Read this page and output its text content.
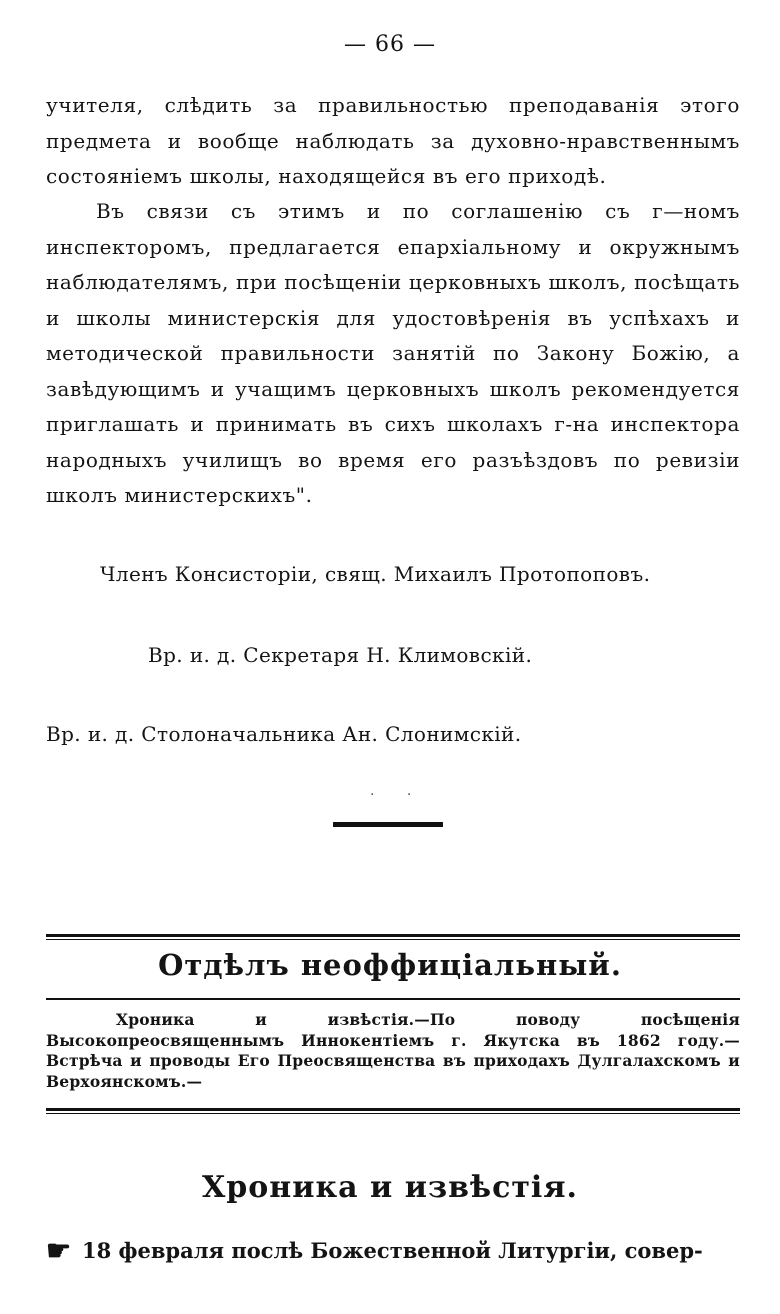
— 66 —

учителя, слѣдить за правильностью преподаванія этого предмета и вообще наблюдать за духовно-нравственнымъ состояніемъ школы, находящейся въ его приходѣ.

Въ связи съ этимъ и по соглашенію съ г—номъ инспекторомъ, предлагается епархіальному и окружнымъ наблюдателямъ, при посѣщеніи церковныхъ школъ, посѣщать и школы министерскія для удостовѣренія въ успѣхахъ и методической правильности занятій по Закону Божію, а завѣдующимъ и учащимъ церковныхъ школъ рекомендуется приглашать и принимать въ сихъ школахъ г-на инспектора народныхъ училищъ во время его разъѣздовъ по ревизіи школъ министерскихъ".

Членъ Консисторіи, свящ. Михаилъ Протопоповъ.
Вр. и. д. Секретаря Н. Климовскій.
Вр. и. д. Столоначальника Ан. Слонимскій.
· ·
Отдѣлъ неоффиціальный.

Хроника и извѣстія.—По поводу посѣщенія Высокопреосвященнымъ Иннокентіемъ г. Якутска въ 1862 году.—Встрѣча и проводы Его Преосвященства въ приходахъ Дулгалахскомъ и Верхоянскомъ.—

Хроника и извѣстія.
☛ 18 февраля послѣ Божественной Литургіи, совер-
